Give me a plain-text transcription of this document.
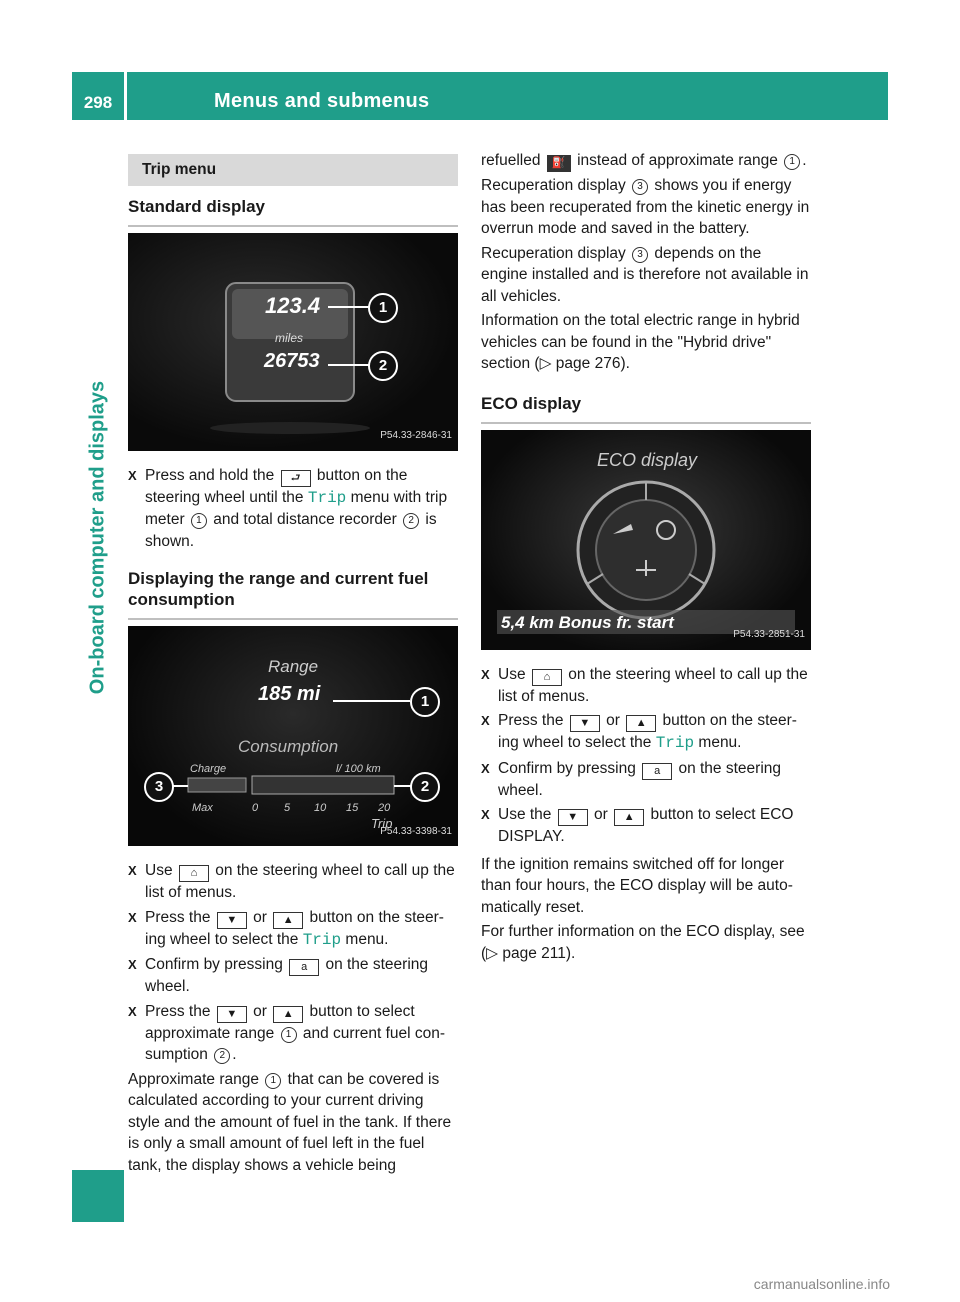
Menus and submenus
298
On-board computer and displays
Trip menu
Standard display
123.4
miles
26753
1
2
P54.33-2846-31

X Press and hold the ⮐ button on the steering wheel until the Trip menu with trip meter 1 and total distance recorder 2 is shown.

Displaying the range and current fuel consumption
Range
185 mi
Consumption
Charge	l/ 100 km
Max	0 5 10 15 20
Trip
1
2
3
P54.33-3398-31

X Use ⌂ on the steering wheel to call up the list of menus.

X Press the ▼ or ▲ button on the steer-ing wheel to select the Trip menu.

X Confirm by pressing a on the steering wheel.

X Press the ▼ or ▲ button to select approximate range 1 and current fuel con-sumption 2 .

Approximate range 1 that can be covered is calculated according to your current driving style and the amount of fuel in the tank. If there is only a small amount of fuel left in the fuel tank, the display shows a vehicle being

refuelled ⛽ instead of approximate range 1 .

Recuperation display 3 shows you if energy has been recuperated from the kinetic energy in overrun mode and saved in the battery.

Recuperation display 3 depends on the engine installed and is therefore not available in all vehicles.

Information on the total electric range in hybrid vehicles can be found in the "Hybrid drive" section (▷ page 276).

ECO display
ECO display
5,4 km Bonus fr. start
P54.33-2851-31

X Use ⌂ on the steering wheel to call up the list of menus.

X Press the ▼ or ▲ button on the steer-ing wheel to select the Trip menu.

X Confirm by pressing a on the steering wheel.

X Use the ▼ or ▲ button to select ECO DISPLAY.

If the ignition remains switched off for longer than four hours, the ECO display will be auto-matically reset.

For further information on the ECO display, see (▷ page 211).

carmanualsonline.info
